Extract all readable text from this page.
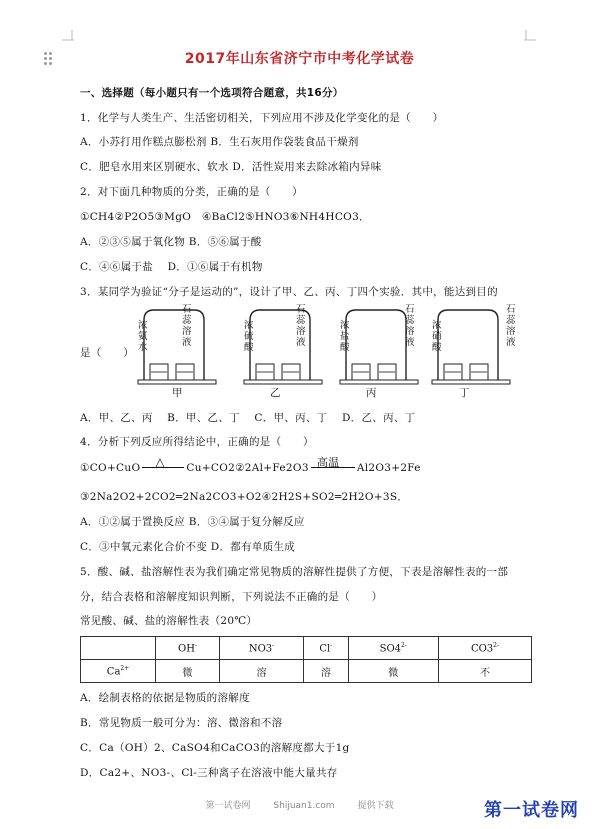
2017年山东省济宁市中考化学试卷
一、选择题（每小题只有一个选项符合题意，共16分）
1．化学与人类生产、生活密切相关，下列应用不涉及化学变化的是（　　）
A．小苏打用作糕点膨松剂 B．生石灰用作袋装食品干燥剂
C．肥皂水用来区别硬水、软水 D．活性炭用来去除冰箱内异味
2．对下面几种物质的分类，正确的是（　　）
①CH4②P2O5③MgO　④BaCl2⑤HNO3⑥NH4HCO3．
A．②③⑤属于氧化物 B．⑤⑥属于酸
C．④⑥属于盐　 D．①⑥属于有机物
3．某同学为验证“分子是运动的”，设计了甲、乙、丙、丁四个实验．其中，能达到目的
是（　　）
浓氨水
石蕊溶液
浓硫酸
石蕊溶液
浓盐酸
石蕊溶液
浓硝酸
石蕊溶液
甲	乙	丙	丁
A．甲、乙、丙　 B．甲、乙、丁　 C．甲、丙、丁　 D．乙、丙、丁
4．分析下列反应所得结论中，正确的是（　　）
①CO+CuO △ Cu+CO2②2Al+Fe2O3 高温 Al2O3+2Fe
③2Na2O2+2CO2═2Na2CO3+O2④2H2S+SO2═2H2O+3S．
A．①②属于置换反应 B．③④属于复分解反应
C．③中氧元素化合价不变 D．都有单质生成
5．酸、碱、盐溶解性表为我们确定常见物质的溶解性提供了方便，下表是溶解性表的一部
分，结合表格和溶解度知识判断，下列说法不正确的是（　　）
常见酸、碱、盐的溶解性表（20℃）
	OH-	NO3-	Cl-	$SO4^{2-}$	$CO3^{2-}$
$Ca^{2+}$	微	溶	溶	微	不
A．绘制表格的依据是物质的溶解度
B．常见物质一般可分为：溶、微溶和不溶
C．Ca（OH）2、CaSO4和CaCO3的溶解度都大于1g
D．Ca2+、NO3-、Cl-三种离子在溶液中能大量共存
第一试卷网	Shijuan1.com	提供下载	第一试卷网
